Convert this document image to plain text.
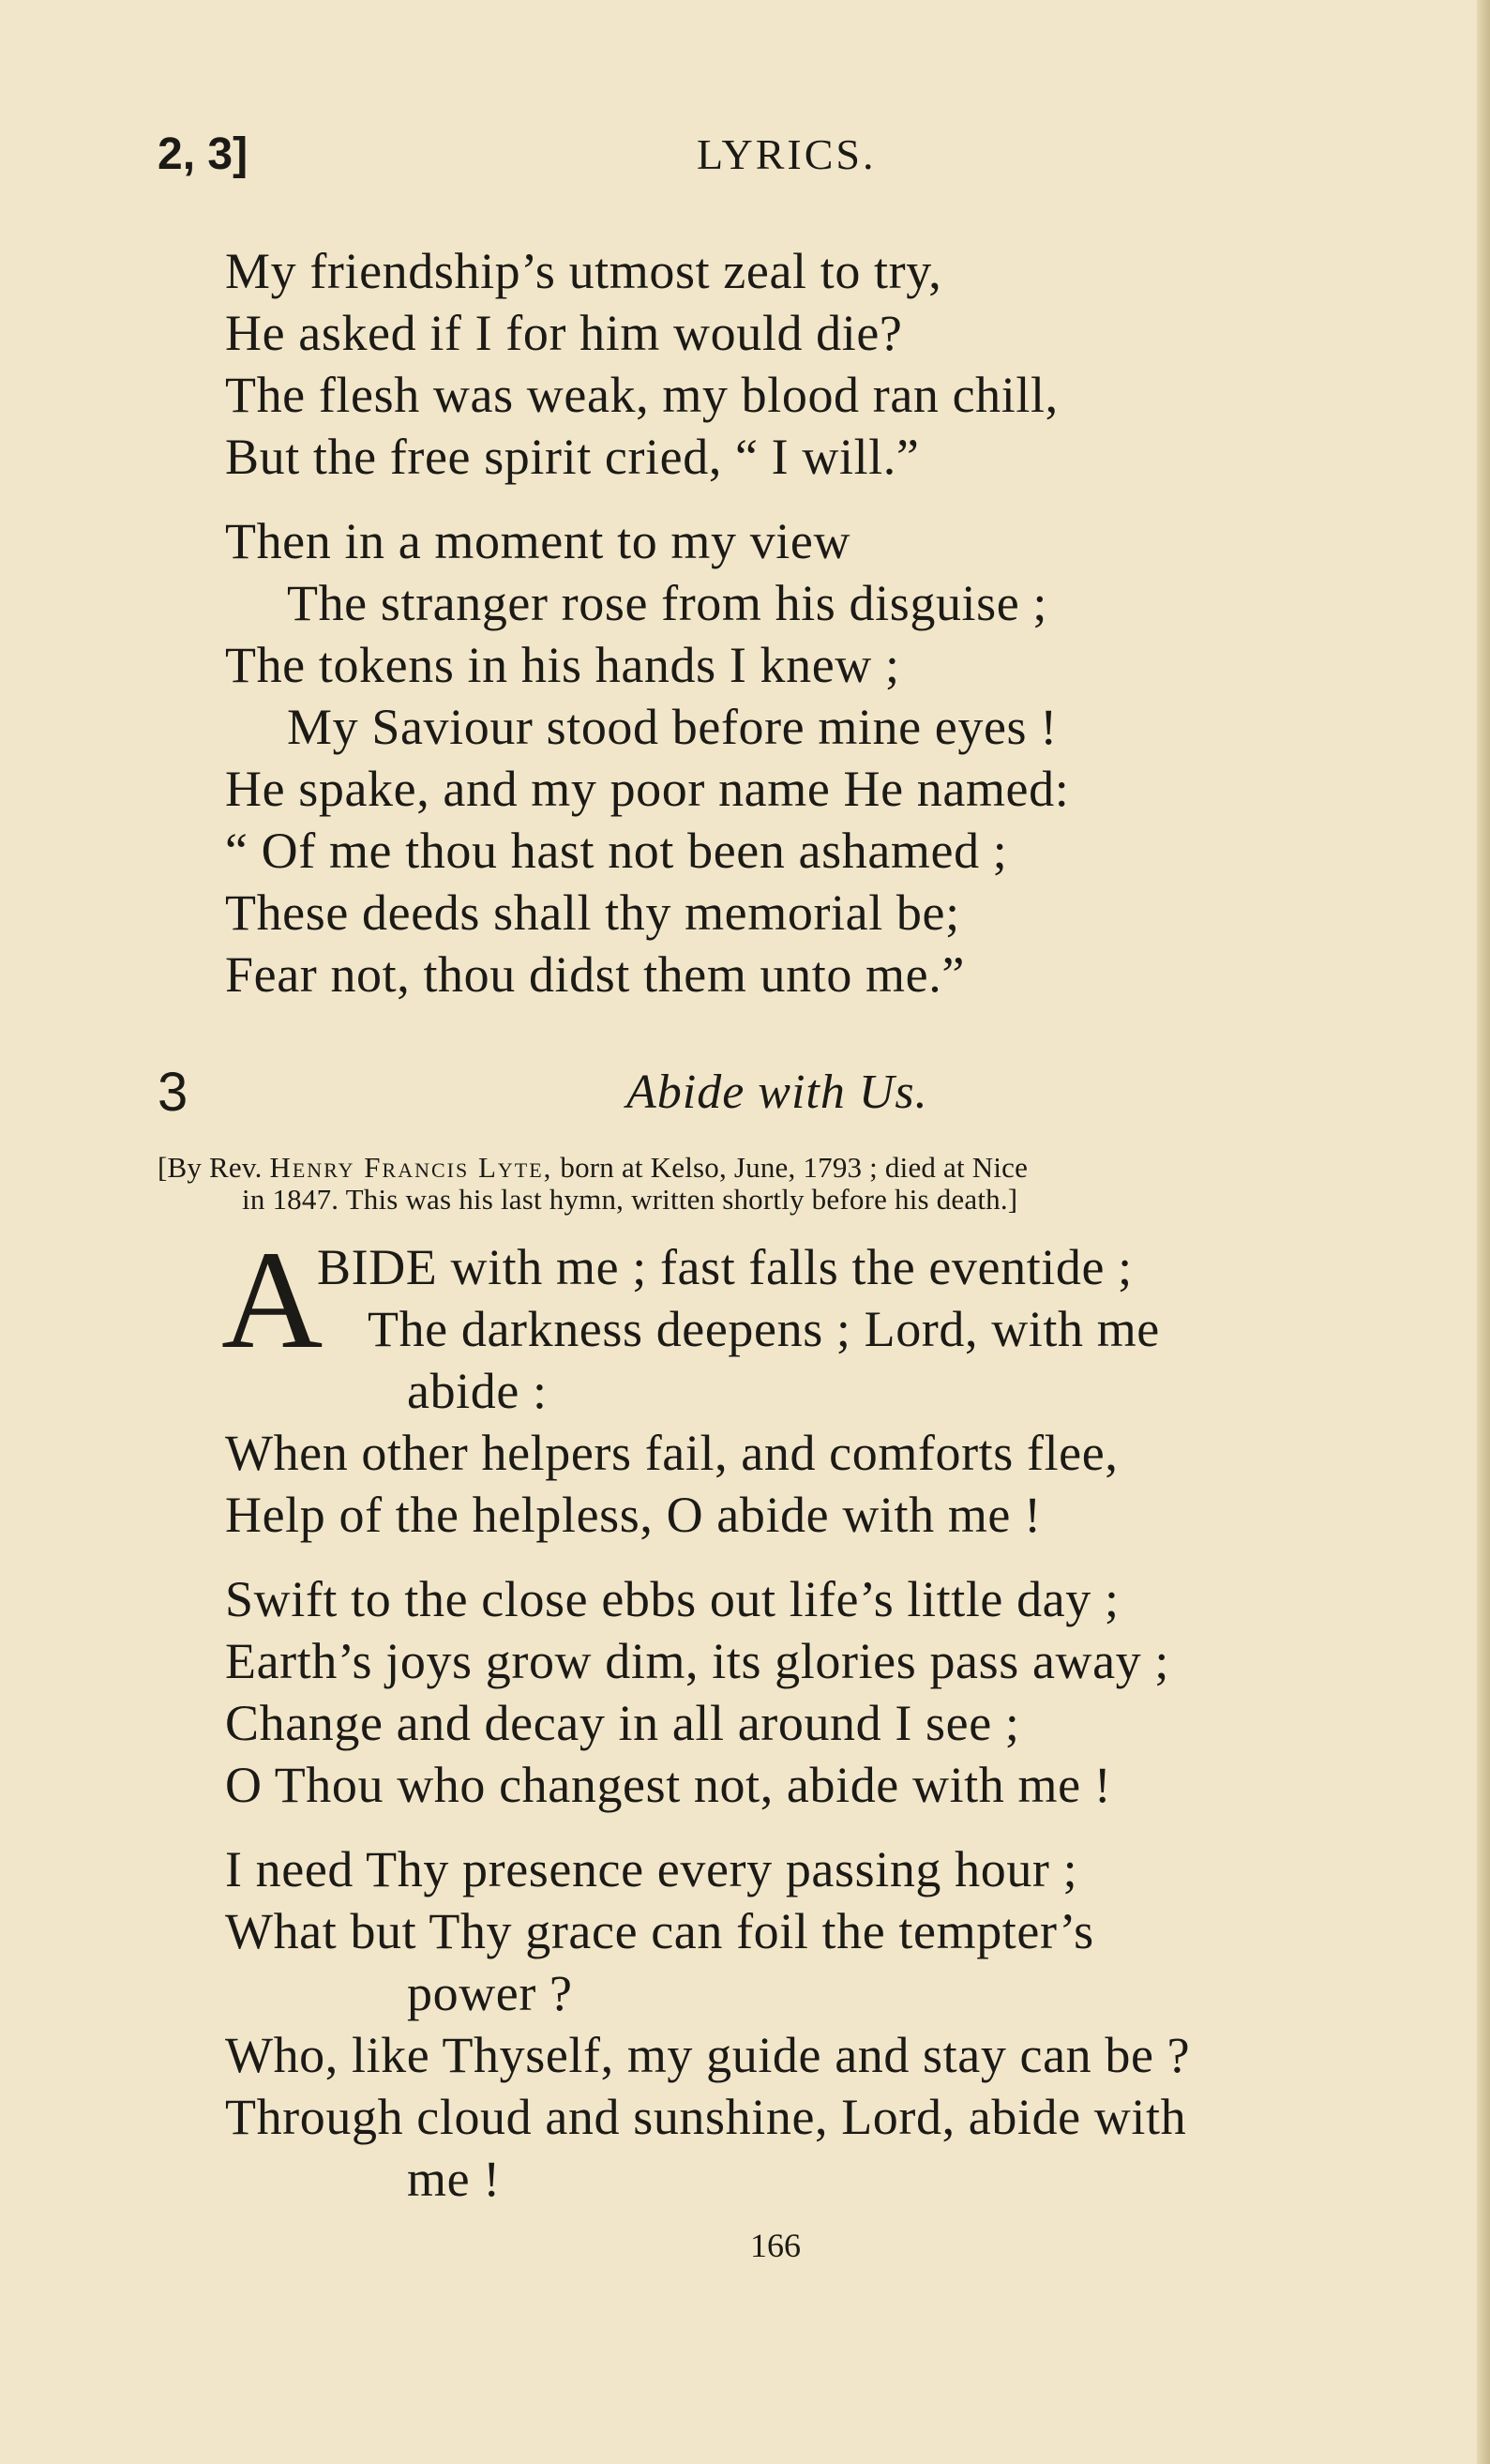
2, 3]	LYRICS.
My friendship’s utmost zeal to try,
He asked if I for him would die?
The flesh was weak, my blood ran chill,
But the free spirit cried, “ I will.”
Then in a moment to my view
The stranger rose from his disguise ;
The tokens in his hands I knew ;
My Saviour stood before mine eyes !
He spake, and my poor name He named:
“ Of me thou hast not been ashamed ;
These deeds shall thy memorial be;
Fear not, thou didst them unto me.”
3	Abide with Us.
[By Rev. Henry Francis Lyte, born at Kelso, June, 1793 ; died at Nice
in 1847. This was his last hymn, written shortly before his death.]
A
BIDE with me ; fast falls the eventide ;
The darkness deepens ; Lord, with me
abide :
When other helpers fail, and comforts flee,
Help of the helpless, O abide with me !
Swift to the close ebbs out life’s little day ;
Earth’s joys grow dim, its glories pass away ;
Change and decay in all around I see ;
O Thou who changest not, abide with me !
I need Thy presence every passing hour ;
What but Thy grace can foil the tempter’s
power ?
Who, like Thyself, my guide and stay can be ?
Through cloud and sunshine, Lord, abide with
me !
166
